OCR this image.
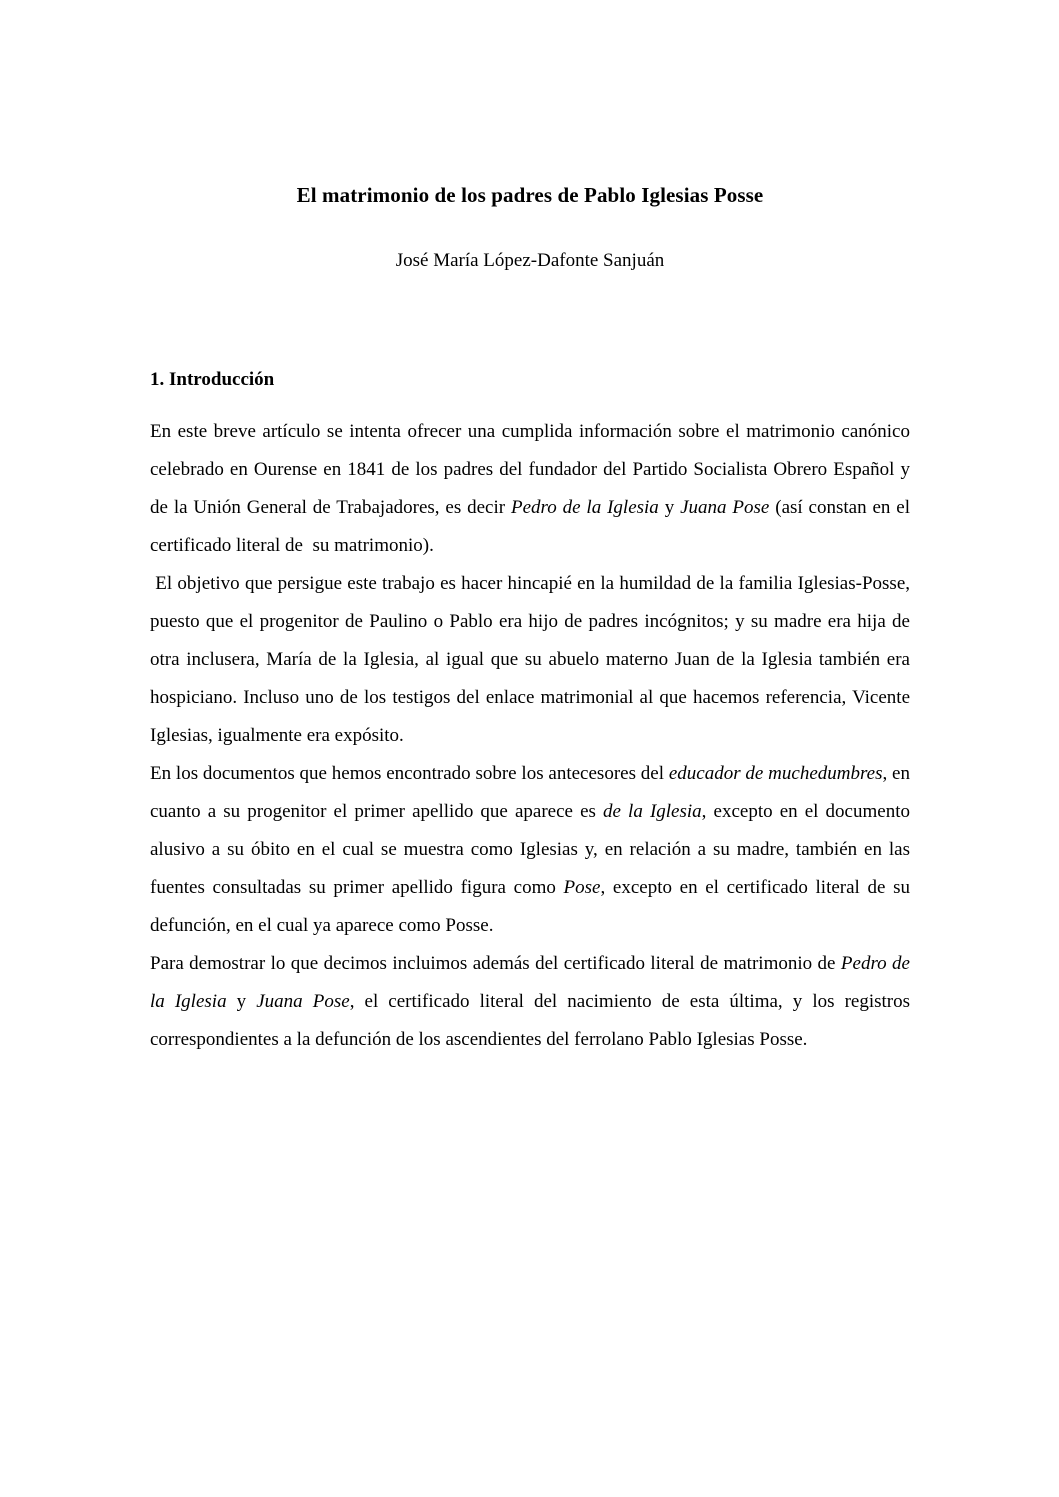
El matrimonio de los padres de Pablo Iglesias Posse

José María López-Dafonte Sanjuán

1. Introducción

En este breve artículo se intenta ofrecer una cumplida información sobre el matrimonio canónico celebrado en Ourense en 1841 de los padres del fundador del Partido Socialista Obrero Español y de la Unión General de Trabajadores, es decir Pedro de la Iglesia y Juana Pose (así constan en el certificado literal de  su matrimonio).

El objetivo que persigue este trabajo es hacer hincapié en la humildad de la familia Iglesias-Posse, puesto que el progenitor de Paulino o Pablo era hijo de padres incógnitos; y su madre era hija de otra inclusera, María de la Iglesia, al igual que su abuelo materno Juan de la Iglesia también era hospiciano. Incluso uno de los testigos del enlace matrimonial al que hacemos referencia, Vicente Iglesias, igualmente era expósito.

En los documentos que hemos encontrado sobre los antecesores del educador de muchedumbres, en cuanto a su progenitor el primer apellido que aparece es de la Iglesia, excepto en el documento alusivo a su óbito en el cual se muestra como Iglesias y, en relación a su madre, también en las fuentes consultadas su primer apellido figura como Pose, excepto en el certificado literal de su defunción, en el cual ya aparece como Posse.

Para demostrar lo que decimos incluimos además del certificado literal de matrimonio de Pedro de la Iglesia y Juana Pose, el certificado literal del nacimiento de esta última, y los registros correspondientes a la defunción de los ascendientes del ferrolano Pablo Iglesias Posse.
